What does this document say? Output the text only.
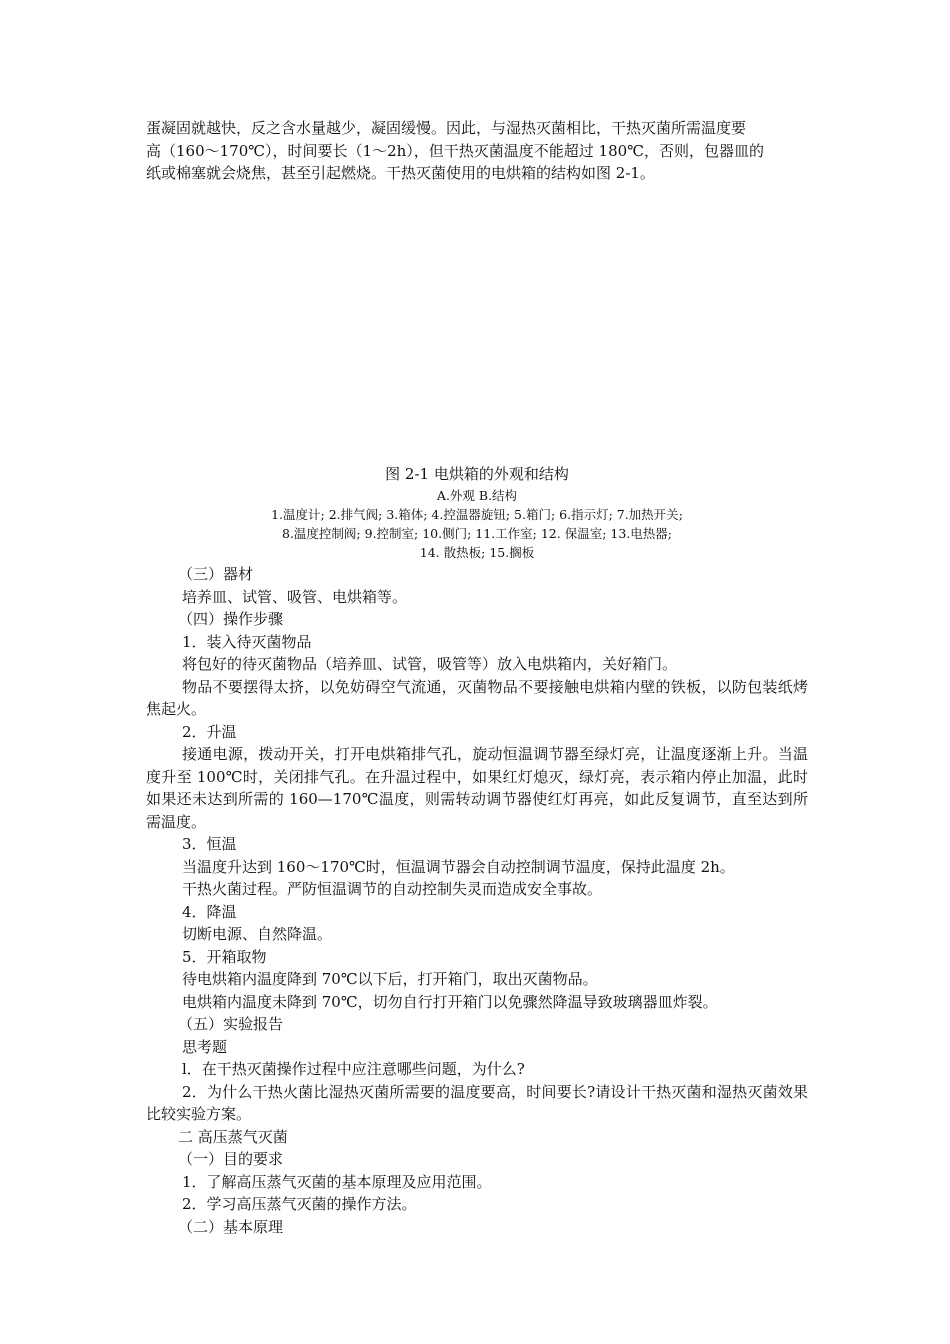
蛋凝固就越快，反之含水量越少，凝固缓慢。因此，与湿热灭菌相比，干热灭菌所需温度要
高（160～170℃），时间要长（1～2h），但干热灭菌温度不能超过 180℃，否则，包器皿的
纸或棉塞就会烧焦，甚至引起燃烧。干热灭菌使用的电烘箱的结构如图 2-1。
图 2-1 电烘箱的外观和结构
A.外观 B.结构
1.温度计; 2.排气阀; 3.箱体; 4.控温器旋钮; 5.箱门; 6.指示灯; 7.加热开关;
8.温度控制阀; 9.控制室; 10.侧门; 11.工作室; 12. 保温室; 13.电热器;
14. 散热板; 15.搁板

（三）器材

培养皿、试管、吸管、电烘箱等。

（四）操作步骤

1．装入待灭菌物品

将包好的待灭菌物品（培养皿、试管，吸管等）放入电烘箱内，关好箱门。

物品不要摆得太挤，以免妨碍空气流通，灭菌物品不要接触电烘箱内壁的铁板，以防包装纸烤焦起火。

2．升温

接通电源，拨动开关，打开电烘箱排气孔，旋动恒温调节器至绿灯亮，让温度逐渐上升。当温度升至 100℃时，关闭排气孔。在升温过程中，如果红灯熄灭，绿灯亮，表示箱内停止加温，此时如果还未达到所需的 160—170℃温度，则需转动调节器使红灯再亮，如此反复调节，直至达到所需温度。

3．恒温

当温度升达到 160～170℃时，恒温调节器会自动控制调节温度，保持此温度 2h。

干热火菌过程。严防恒温调节的自动控制失灵而造成安全事故。

4．降温

切断电源、自然降温。

5．开箱取物

待电烘箱内温度降到 70℃以下后，打开箱门，取出灭菌物品。

电烘箱内温度未降到 70℃，切勿自行打开箱门以免骤然降温导致玻璃器皿炸裂。

（五）实验报告

思考题

l．在干热灭菌操作过程中应注意哪些问题，为什么?

2．为什么干热火菌比湿热灭菌所需要的温度要高，时间要长?请设计干热灭菌和湿热灭菌效果比较实验方案。

二 高压蒸气灭菌

（一）目的要求

1．了解高压蒸气灭菌的基本原理及应用范围。

2．学习高压蒸气灭菌的操作方法。

（二）基本原理
